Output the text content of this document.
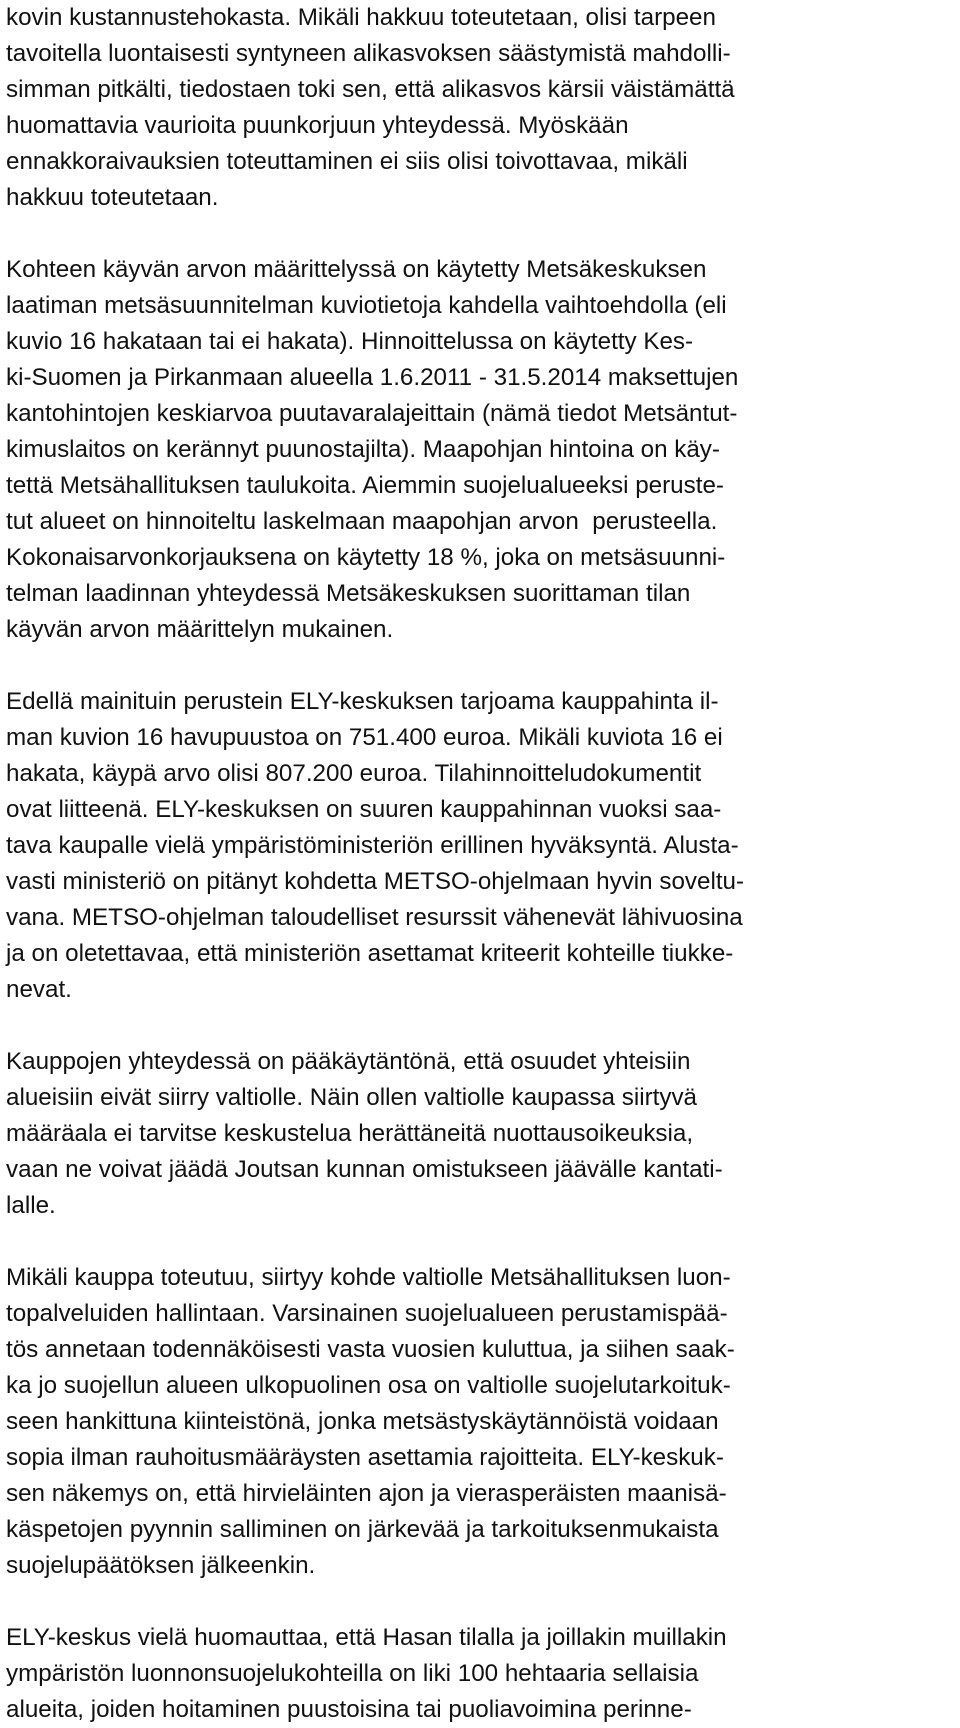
kovin kustannustehokasta. Mikäli hakkuu toteutetaan, olisi tarpeen
tavoitella luontaisesti syntyneen alikasvoksen säästymistä mahdolli-
simman pitkälti, tiedostaen toki sen, että alikasvos kärsii väistämättä
huomattavia vaurioita puunkorjuun yhteydessä. Myöskään
ennakkoraivauksien toteuttaminen ei siis olisi toivottavaa, mikäli
hakkuu toteutetaan.
Kohteen käyvän arvon määrittelyssä on käytetty Metsäkeskuksen
laatiman metsäsuunnitelman kuviotietoja kahdella vaihtoehdolla (eli
kuvio 16 hakataan tai ei hakata). Hinnoittelussa on käytetty Kes-
ki-Suomen ja Pirkanmaan alueella 1.6.2011 - 31.5.2014 maksettujen
kantohintojen keskiarvoa puutavaralajeittain (nämä tiedot Metsäntut-
kimuslaitos on kerännyt puunostajilta). Maapohjan hintoina on käy-
tettä Metsähallituksen taulukoita. Aiemmin suojelualueeksi peruste-
tut alueet on hinnoiteltu laskelmaan maapohjan arvon  perusteella.
Kokonaisarvonkorjauksena on käytetty 18 %, joka on metsäsuunni-
telman laadinnan yhteydessä Metsäkeskuksen suorittaman tilan
käyvän arvon määrittelyn mukainen.
Edellä mainituin perustein ELY-keskuksen tarjoama kauppahinta il-
man kuvion 16 havupuustoa on 751.400 euroa. Mikäli kuviota 16 ei
hakata, käypä arvo olisi 807.200 euroa. Tilahinnoitteludokumentit
ovat liitteenä. ELY-keskuksen on suuren kauppahinnan vuoksi saa-
tava kaupalle vielä ympäristöministeriön erillinen hyväksyntä. Alusta-
vasti ministeriö on pitänyt kohdetta METSO-ohjelmaan hyvin soveltu-
vana. METSO-ohjelman taloudelliset resurssit vähenevät lähivuosina
ja on oletettavaa, että ministeriön asettamat kriteerit kohteille tiukke-
nevat.
Kauppojen yhteydessä on pääkäytäntönä, että osuudet yhteisiin
alueisiin eivät siirry valtiolle. Näin ollen valtiolle kaupassa siirtyvä
määräala ei tarvitse keskustelua herättäneitä nuottausoikeuksia,
vaan ne voivat jäädä Joutsan kunnan omistukseen jäävälle kantati-
lalle.
Mikäli kauppa toteutuu, siirtyy kohde valtiolle Metsähallituksen luon-
topalveluiden hallintaan. Varsinainen suojelualueen perustamispää-
tös annetaan todennäköisesti vasta vuosien kuluttua, ja siihen saak-
ka jo suojellun alueen ulkopuolinen osa on valtiolle suojelutarkoituk-
seen hankittuna kiinteistönä, jonka metsästyskäytännöistä voidaan
sopia ilman rauhoitusmääräysten asettamia rajoitteita. ELY-keskuk-
sen näkemys on, että hirvieläinten ajon ja vierasperäisten maanisä-
käspetojen pyynnin salliminen on järkevää ja tarkoituksenmukaista
suojelupäätöksen jälkeenkin.
ELY-keskus vielä huomauttaa, että Hasan tilalla ja joillakin muillakin
ympäristön luonnonsuojelukohteilla on liki 100 hehtaaria sellaisia
alueita, joiden hoitaminen puustoisina tai puoliavoimina perinne-
